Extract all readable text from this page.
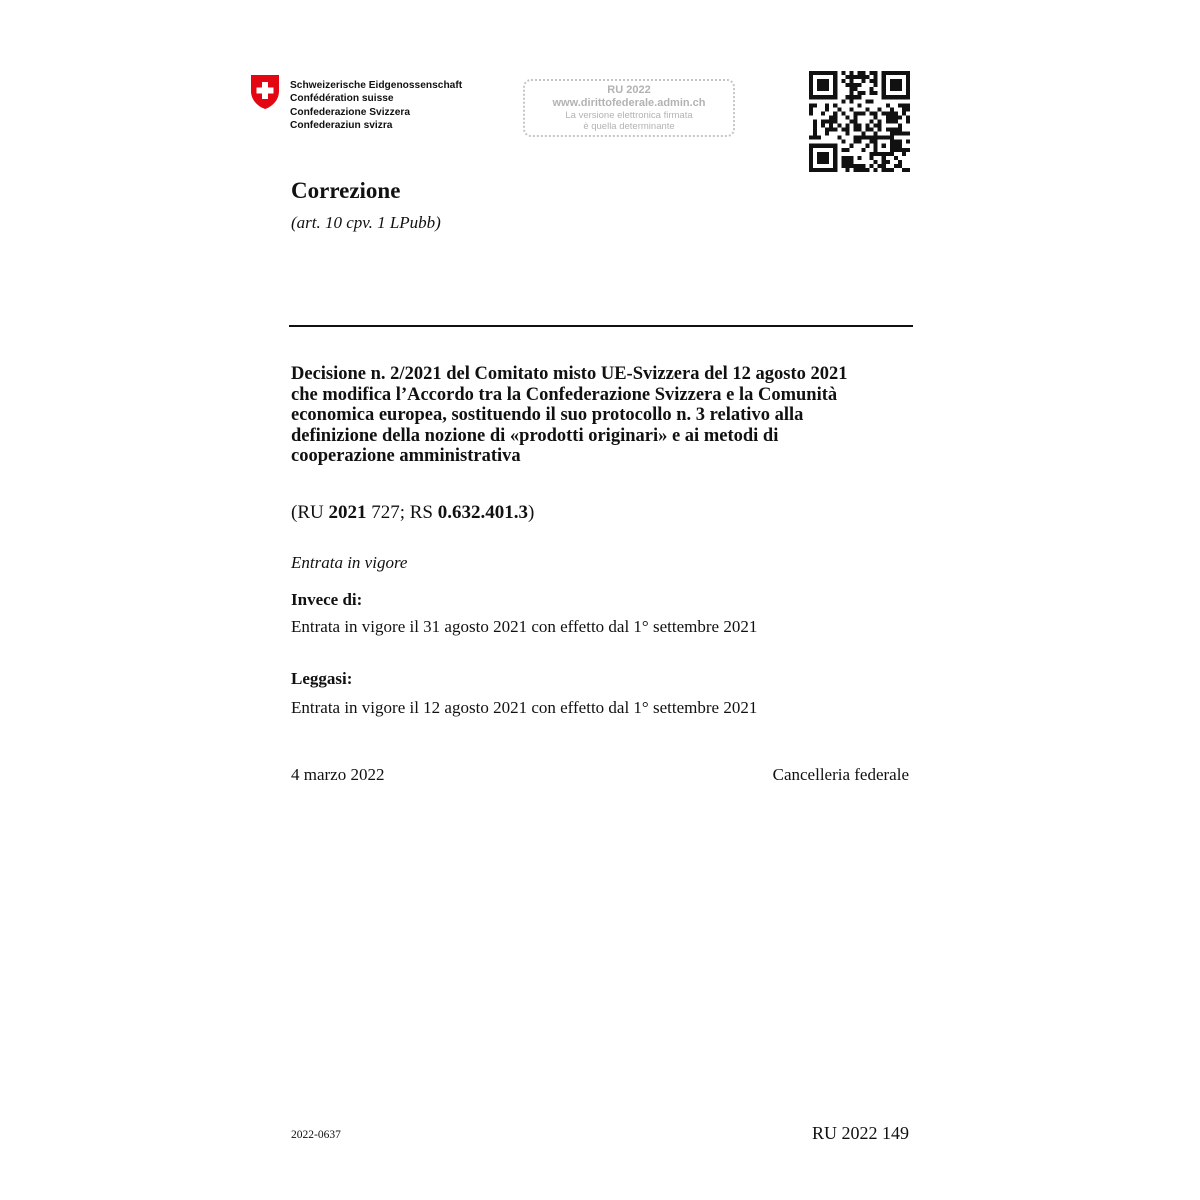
Schweizerische Eidgenossenschaft
Confédération suisse
Confederazione Svizzera
Confederaziun svizra
RU 2022
www.dirittofederale.admin.ch
La versione elettronica firmata
è quella determinante
Correzione
(art. 10 cpv. 1 LPubb)
Decisione n. 2/2021 del Comitato misto UE-Svizzera del 12 agosto 2021
che modifica l’Accordo tra la Confederazione Svizzera e la Comunità
economica europea, sostituendo il suo protocollo n. 3 relativo alla
definizione della nozione di «prodotti originari» e ai metodi di
cooperazione amministrativa
(RU 2021 727; RS 0.632.401.3)
Entrata in vigore
Invece di:
Entrata in vigore il 31 agosto 2021 con effetto dal 1° settembre 2021
Leggasi:
Entrata in vigore il 12 agosto 2021 con effetto dal 1° settembre 2021
4 marzo 2022	Cancelleria federale
2022-0637	RU 2022 149
